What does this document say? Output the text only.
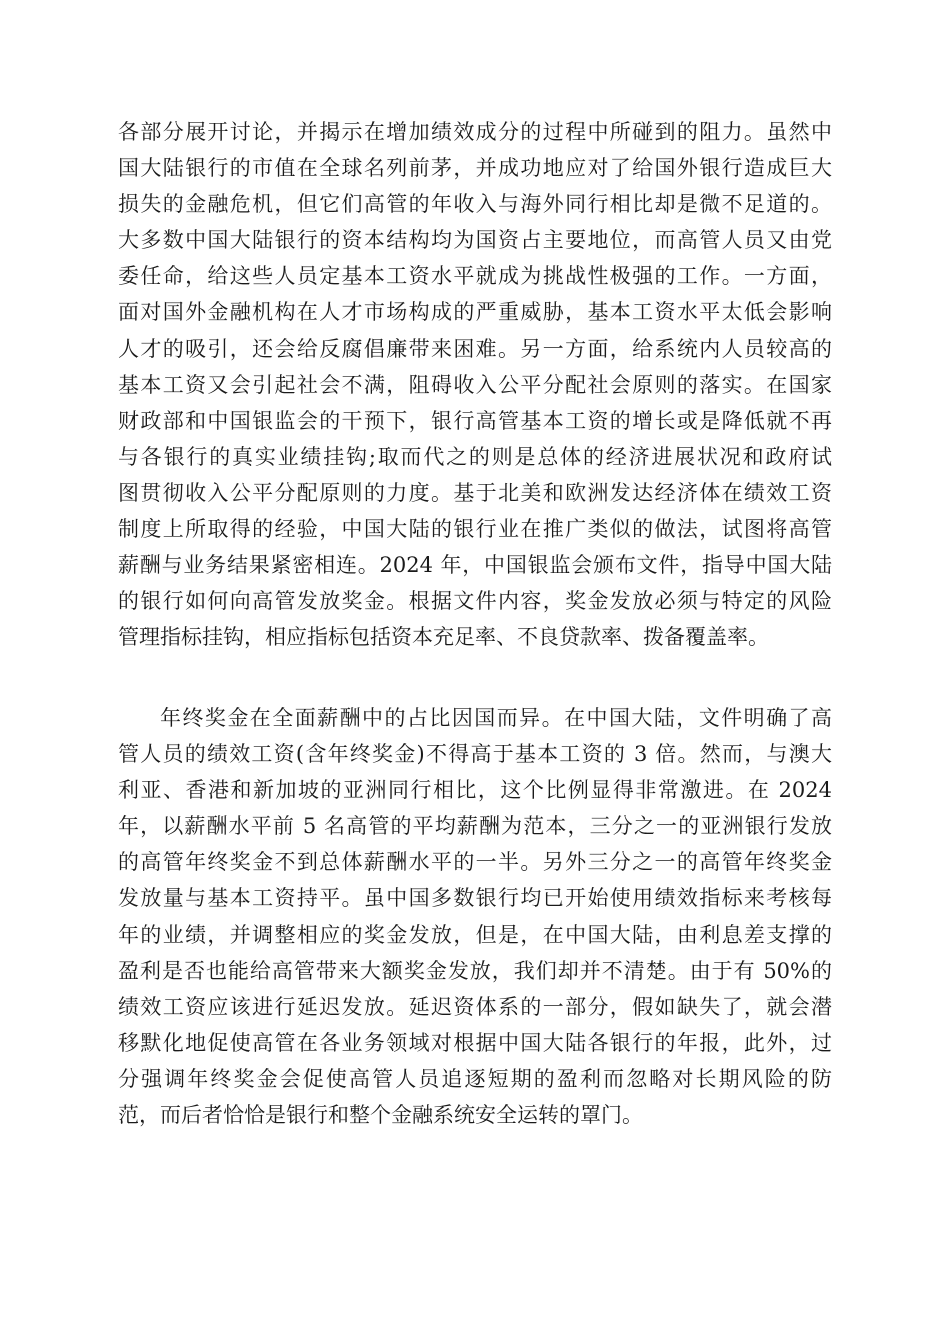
各部分展开讨论，并揭示在增加绩效成分的过程中所碰到的阻力。虽然中
国大陆银行的市值在全球名列前茅，并成功地应对了给国外银行造成巨大
损失的金融危机，但它们高管的年收入与海外同行相比却是微不足道的。
大多数中国大陆银行的资本结构均为国资占主要地位，而高管人员又由党
委任命，给这些人员定基本工资水平就成为挑战性极强的工作。一方面，
面对国外金融机构在人才市场构成的严重威胁，基本工资水平太低会影响
人才的吸引，还会给反腐倡廉带来困难。另一方面，给系统内人员较高的
基本工资又会引起社会不满，阻碍收入公平分配社会原则的落实。在国家
财政部和中国银监会的干预下，银行高管基本工资的增长或是降低就不再
与各银行的真实业绩挂钩;取而代之的则是总体的经济进展状况和政府试
图贯彻收入公平分配原则的力度。基于北美和欧洲发达经济体在绩效工资
制度上所取得的经验，中国大陆的银行业在推广类似的做法，试图将高管
薪酬与业务结果紧密相连。2024 年，中国银监会颁布文件，指导中国大陆
的银行如何向高管发放奖金。根据文件内容，奖金发放必须与特定的风险
管理指标挂钩，相应指标包括资本充足率、不良贷款率、拨备覆盖率。
年终奖金在全面薪酬中的占比因国而异。在中国大陆，文件明确了高
管人员的绩效工资(含年终奖金)不得高于基本工资的 3 倍。然而，与澳大
利亚、香港和新加坡的亚洲同行相比，这个比例显得非常激进。在 2024
年，以薪酬水平前 5 名高管的平均薪酬为范本，三分之一的亚洲银行发放
的高管年终奖金不到总体薪酬水平的一半。另外三分之一的高管年终奖金
发放量与基本工资持平。虽中国多数银行均已开始使用绩效指标来考核每
年的业绩，并调整相应的奖金发放，但是，在中国大陆，由利息差支撑的
盈利是否也能给高管带来大额奖金发放，我们却并不清楚。由于有 50%的
绩效工资应该进行延迟发放。延迟资体系的一部分，假如缺失了，就会潜
移默化地促使高管在各业务领域对根据中国大陆各银行的年报，此外，过
分强调年终奖金会促使高管人员追逐短期的盈利而忽略对长期风险的防
范，而后者恰恰是银行和整个金融系统安全运转的罩门。
